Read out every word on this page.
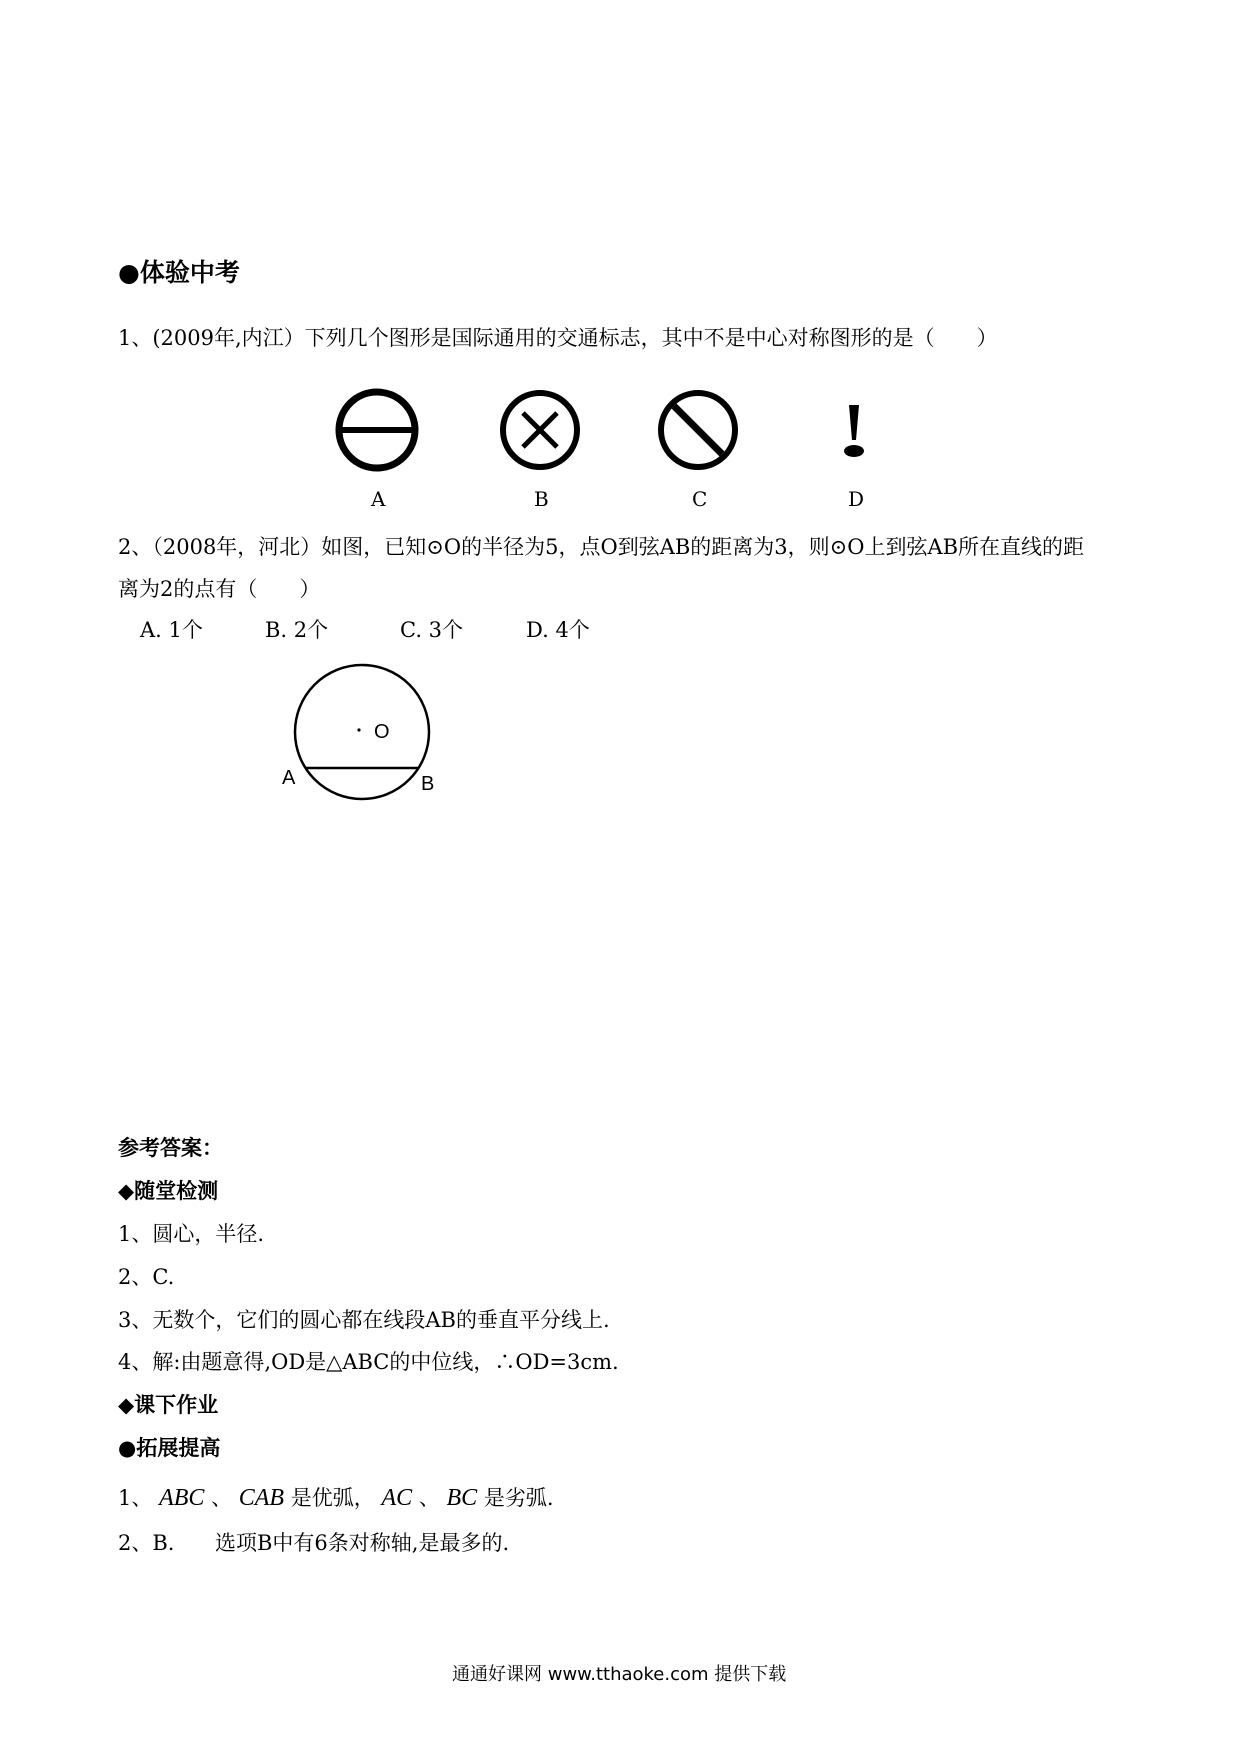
●体验中考
1、(2009年,内江）下列几个图形是国际通用的交通标志，其中不是中心对称图形的是（　　）
A	B	C	D
2、（2008年，河北）如图，已知⊙O的半径为5，点O到弦AB的距离为3，则⊙O上到弦AB所在直线的距
离为2的点有（　　）
A. 1个	B. 2个	C. 3个	D. 4个
O
A	B
参考答案：
◆随堂检测
1、圆心，半径.
2、C.
3、无数个，它们的圆心都在线段AB的垂直平分线上.
4、解:由题意得,OD是△ABC的中位线，∴OD=3cm.
◆课下作业
●拓展提高
1、 ABC 、 CAB 是优弧， AC 、 BC 是劣弧.
2、B. 选项B中有6条对称轴,是最多的.
通通好课网 www.tthaoke.com 提供下载
